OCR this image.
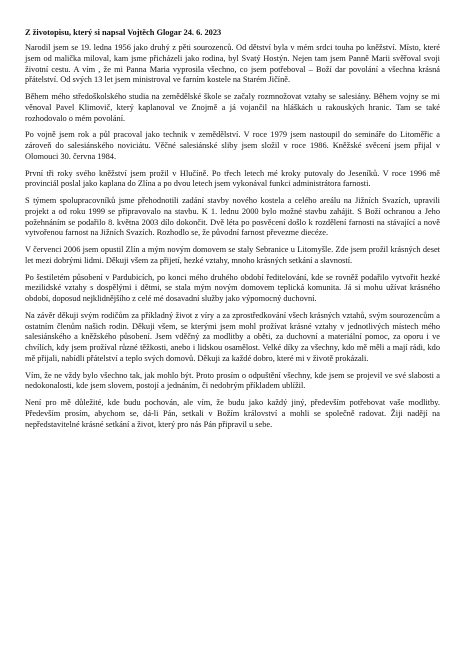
Z životopisu, který si napsal Vojtěch Glogar 24. 6. 2023

Narodil jsem se 19. ledna 1956 jako druhý z pěti sourozenců. Od dětství byla v mém srdci touha po kněžství. Místo, které jsem od malička miloval, kam jsme přicházeli jako rodina, byl Svatý Hostýn. Nejen tam jsem Panně Marii svěřoval svoji životní cestu. A vím , že mi Panna Maria vyprosila všechno, co jsem potřeboval – Boží dar povolání a všechna krásná přátelství. Od svých 13 let jsem ministroval ve farním kostele na Starém Jičíně.

Během mého středoškolského studia na zemědělské škole se začaly rozmnožovat vztahy se salesiány. Během vojny se mi věnoval Pavel Klimovič, který kaplanoval ve Znojmě a já vojančil na hláškách u rakouských hranic. Tam se také rozhodovalo o mém povolání.

Po vojně jsem rok a půl pracoval jako technik v zemědělství. V roce 1979 jsem nastoupil do semináře do Litoměřic a zároveň do salesiánského noviciátu. Věčné salesiánské sliby jsem složil v roce 1986. Kněžské svěcení jsem přijal v Olomouci 30. června 1984.

První tři roky svého kněžství jsem prožil v Hlučíně. Po třech letech mé kroky putovaly do Jeseníků. V roce 1996 mě provinciál poslal jako kaplana do Zlína a po dvou letech jsem vykonával funkci administrátora farnosti.

S týmem spolupracovníků jsme přehodnotili zadání stavby nového kostela a celého areálu na Jižních Svazích, upravili projekt a od roku 1999 se připravovalo na stavbu. K 1. lednu 2000 bylo možné stavbu zahájit. S Boží ochranou a Jeho požehnáním se podařilo 8. května 2003 dílo dokončit. Dvě léta po posvěcení došlo k rozdělení farnosti na stávající a nově vytvořenou farnost na Jižních Svazích. Rozhodlo se, že původní farnost převezme diecéze.

V červenci 2006 jsem opustil Zlín a mým novým domovem se staly Sebranice u Litomyšle. Zde jsem prožil krásných deset let mezi dobrými lidmi. Děkuji všem za přijetí, hezké vztahy, mnoho krásných setkání a slavností.

Po šestiletém působení v Pardubicích, po konci mého druhého období ředitelování, kde se rovněž podařilo vytvořit hezké mezilidské vztahy s dospělými i dětmi, se stala mým novým domovem teplická komunita. Já si mohu užívat krásného období, doposud nejklidnějšího z celé mé dosavadní služby jako výpomocný duchovní.

Na závěr děkuji svým rodičům za příkladný život z víry a za zprostředkování všech krásných vztahů, svým sourozencům a ostatním členům našich rodin. Děkuji všem, se kterými jsem mohl prožívat krásné vztahy v jednotlivých místech mého salesiánského a kněžského působení. Jsem vděčný za modlitby a oběti, za duchovní a materiální pomoc, za oporu i ve chvílích, kdy jsem prožíval různé těžkosti, anebo i lidskou osamělost. Velké díky za všechny, kdo mě měli a mají rádi, kdo mě přijali, nabídli přátelství a teplo svých domovů. Děkuji za každé dobro, které mi v životě prokázali.

Vím, že ne vždy bylo všechno tak, jak mohlo být. Proto prosím o odpuštění všechny, kde jsem se projevil ve své slabosti a nedokonalosti, kde jsem slovem, postojí a jednáním, či nedobrým příkladem ublížil.

Není pro mě důležité, kde budu pochován, ale vím, že budu jako každý jiný, především potřebovat vaše modlitby. Především prosím, abychom se, dá-li Pán, setkali v Božím království a mohli se společně radovat. Žiji nadějí na nepředstavitelné krásné setkání a život, který pro nás Pán připravil u sebe.
